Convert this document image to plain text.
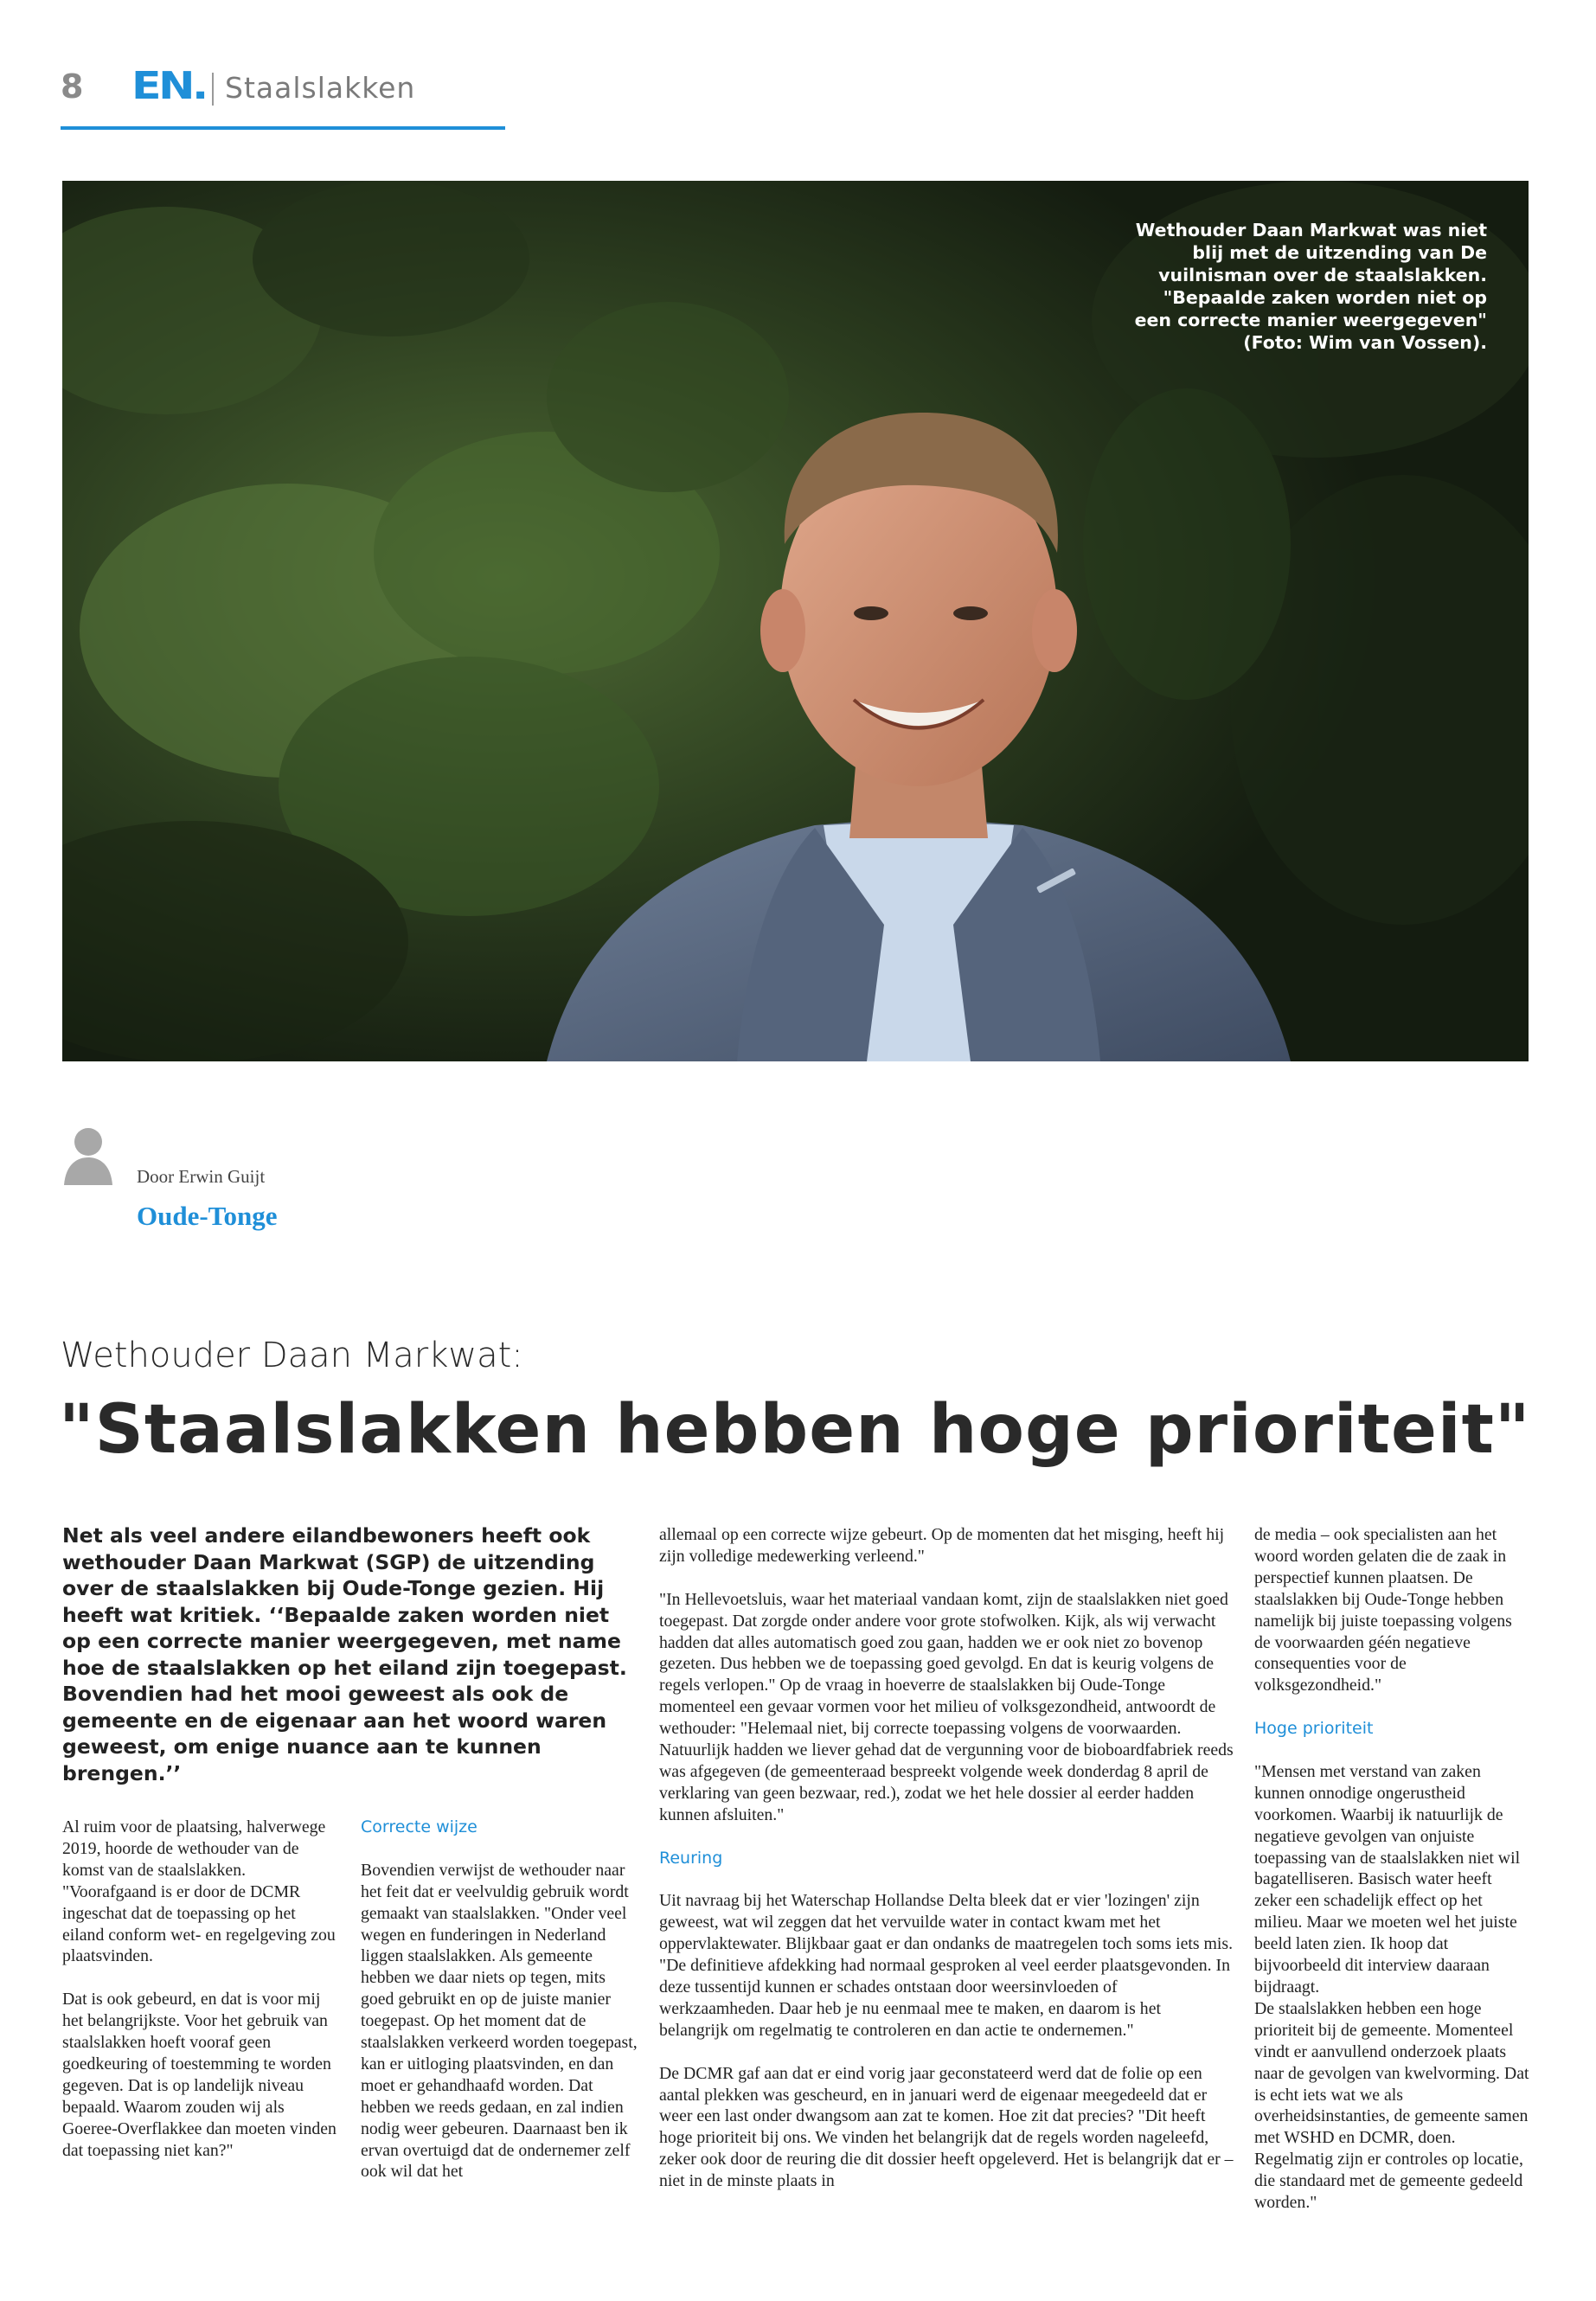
8 EN. Staalslakken
Wethouder Daan Markwat was niet blij met de uitzending van De vuilnisman over de staalslakken. "Bepaalde zaken worden niet op een correcte manier weergegeven" (Foto: Wim van Vossen).
Door Erwin Guijt
Oude-Tonge
Wethouder Daan Markwat:
"Staalslakken hebben hoge prioriteit"

Net als veel andere eilandbewoners heeft ook wethouder Daan Markwat (SGP) de uitzending over de staalslakken bij Oude-Tonge gezien. Hij heeft wat kritiek. ‘‘Bepaalde zaken worden niet op een correcte manier weergegeven, met name hoe de staalslakken op het eiland zijn toegepast. Bovendien had het mooi geweest als ook de gemeente en de eigenaar aan het woord waren geweest, om enige nuance aan te kunnen brengen.’’

Al ruim voor de plaatsing, halverwege 2019, hoorde de wethouder van de komst van de staalslakken. "Voorafgaand is er door de DCMR ingeschat dat de toepassing op het eiland conform wet- en regelgeving zou plaatsvinden.

Dat is ook gebeurd, en dat is voor mij het belangrijkste. Voor het gebruik van staalslakken hoeft vooraf geen goedkeuring of toestemming te worden gegeven. Dat is op landelijk niveau bepaald. Waarom zouden wij als Goeree-Overflakkee dan moeten vinden dat toepassing niet kan?"

Correcte wijze

Bovendien verwijst de wethouder naar het feit dat er veelvuldig gebruik wordt gemaakt van staalslakken. "Onder veel wegen en funderingen in Nederland liggen staalslakken. Als gemeente hebben we daar niets op tegen, mits goed gebruikt en op de juiste manier toegepast. Op het moment dat de staalslakken verkeerd worden toegepast, kan er uitloging plaatsvinden, en dan moet er gehandhaafd worden. Dat hebben we reeds gedaan, en zal indien nodig weer gebeuren. Daarnaast ben ik ervan overtuigd dat de ondernemer zelf ook wil dat het

allemaal op een correcte wijze gebeurt. Op de momenten dat het misging, heeft hij zijn volledige medewerking verleend."

"In Hellevoetsluis, waar het materiaal vandaan komt, zijn de staalslakken niet goed toegepast. Dat zorgde onder andere voor grote stofwolken. Kijk, als wij verwacht hadden dat alles automatisch goed zou gaan, hadden we er ook niet zo bovenop gezeten. Dus hebben we de toepassing goed gevolgd. En dat is keurig volgens de regels verlopen." Op de vraag in hoeverre de staalslakken bij Oude-Tonge momenteel een gevaar vormen voor het milieu of volksgezondheid, antwoordt de wethouder: "Helemaal niet, bij correcte toepassing volgens de voorwaarden. Natuurlijk hadden we liever gehad dat de vergunning voor de bioboardfabriek reeds was afgegeven (de gemeenteraad bespreekt volgende week donderdag 8 april de verklaring van geen bezwaar, red.), zodat we het hele dossier al eerder hadden kunnen afsluiten."

Reuring

Uit navraag bij het Waterschap Hollandse Delta bleek dat er vier 'lozingen' zijn geweest, wat wil zeggen dat het vervuilde water in contact kwam met het oppervlaktewater. Blijkbaar gaat er dan ondanks de maatregelen toch soms iets mis. "De definitieve afdekking had normaal gesproken al veel eerder plaatsgevonden. In deze tussentijd kunnen er schades ontstaan door weersinvloeden of werkzaamheden. Daar heb je nu eenmaal mee te maken, en daarom is het belangrijk om regelmatig te controleren en dan actie te ondernemen."

De DCMR gaf aan dat er eind vorig jaar geconstateerd werd dat de folie op een aantal plekken was gescheurd, en in januari werd de eigenaar meegedeeld dat er weer een last onder dwangsom aan zat te komen. Hoe zit dat precies? "Dit heeft hoge prioriteit bij ons. We vinden het belangrijk dat de regels worden nageleefd, zeker ook door de reuring die dit dossier heeft opgeleverd. Het is belangrijk dat er – niet in de minste plaats in

de media – ook specialisten aan het woord worden gelaten die de zaak in perspectief kunnen plaatsen. De staalslakken bij Oude-Tonge hebben namelijk bij juiste toepassing volgens de voorwaarden géén negatieve consequenties voor de volksgezondheid."

Hoge prioriteit

"Mensen met verstand van zaken kunnen onnodige ongerustheid voorkomen. Waarbij ik natuurlijk de negatieve gevolgen van onjuiste toepassing van de staalslakken niet wil bagatelliseren. Basisch water heeft zeker een schadelijk effect op het milieu. Maar we moeten wel het juiste beeld laten zien. Ik hoop dat bijvoorbeeld dit interview daaraan bijdraagt.

De staalslakken hebben een hoge prioriteit bij de gemeente. Momenteel vindt er aanvullend onderzoek plaats naar de gevolgen van kwelvorming. Dat is echt iets wat we als overheidsinstanties, de gemeente samen met WSHD en DCMR, doen. Regelmatig zijn er controles op locatie, die standaard met de gemeente gedeeld worden."
